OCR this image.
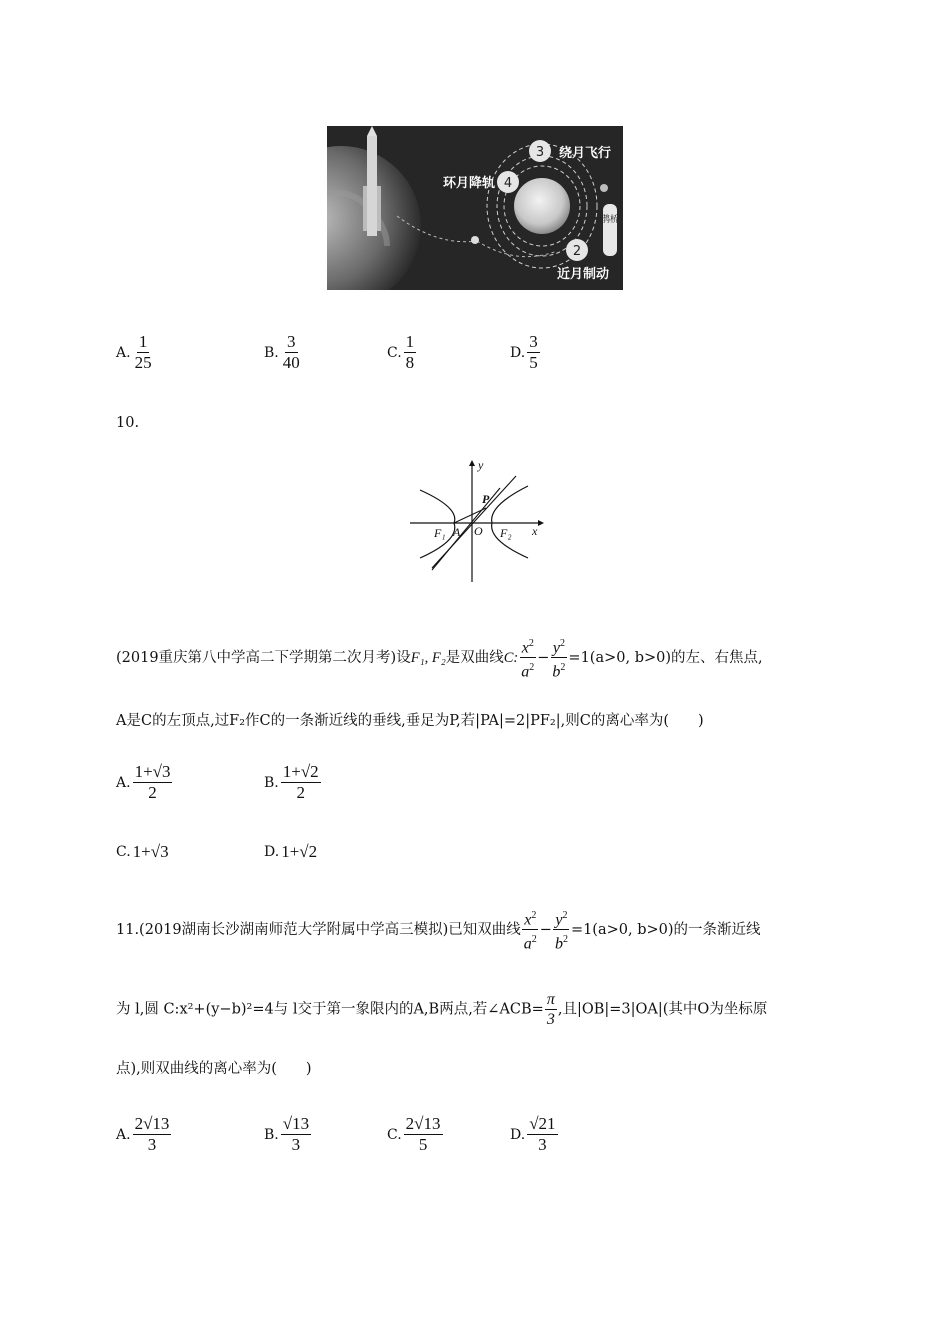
3
4
2
鹊桥
绕月飞行
环月降轨
近月制动
A. $\frac{1}{25}$	B. $\frac{3}{40}$	C. $\frac{1}{8}$	D. $\frac{3}{5}$
10.
y
x
P
O
A
F₁	F₂
(2019重庆第八中学高二下学期第二次月考)设F₁, F₂是双曲线C: $\frac{x^2}{a^2} - \frac{y^2}{b^2} =1(a>0$, b>0)的左、右焦点,
A是C的左顶点,过F₂作C的一条渐近线的垂线,垂足为P,若|PA|=2|PF₂|,则C的离心率为(　　)
A. $\frac{1+√3}{2}$	B. $\frac{1+√2}{2}$
C. 1+√3	D. 1+√2
11.(2019湖南长沙湖南师范大学附属中学高三模拟)已知双曲线 $\frac{x^2}{a^2} - \frac{y^2}{b^2} =1(a>0$, b>0)的一条渐近线
为 l,圆 C:x²+(y−b)²=4与 l交于第一象限内的A,B两点,若∠ACB= $\frac{\pi}{3}$ ,且|OB|=3|OA|(其中O为坐标原
点),则双曲线的离心率为(　　)
A. $\frac{2√13}{3}$	B. $\frac{√13}{3}$	C. $\frac{2√13}{5}$	D. $\frac{√21}{3}$
